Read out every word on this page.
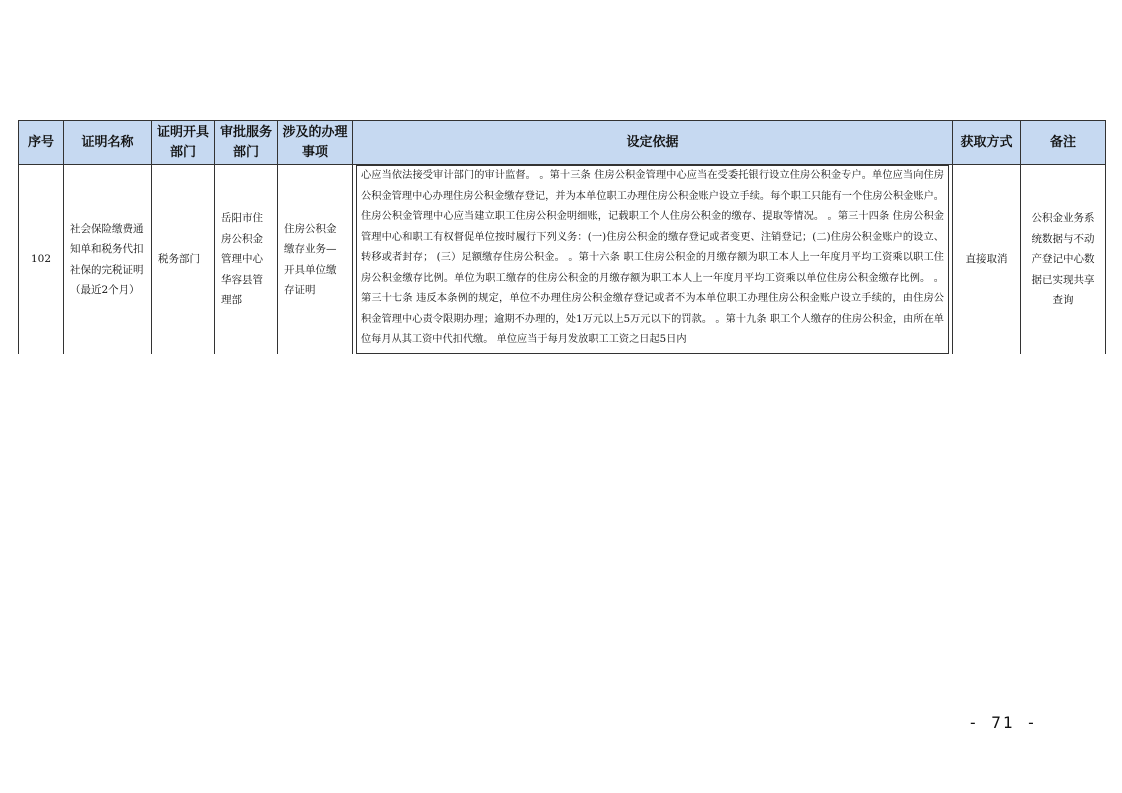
序号	证明名称	证明开具部门	审批服务部门	涉及的办理事项	设定依据	获取方式	备注
102	社会保险缴费通知单和税务代扣社保的完税证明（最近2个月）	税务部门	岳阳市住房公积金管理中心华容县管理部	住房公积金缴存业务—开具单位缴存证明	心应当依法接受审计部门的审计监督。 。第十三条 住房公积金管理中心应当在受委托银行设立住房公积金专户。单位应当向住房公积金管理中心办理住房公积金缴存登记，并为本单位职工办理住房公积金账户设立手续。每个职工只能有一个住房公积金账户。住房公积金管理中心应当建立职工住房公积金明细账，记载职工个人住房公积金的缴存、提取等情况。 。第三十四条 住房公积金管理中心和职工有权督促单位按时履行下列义务：(一)住房公积金的缴存登记或者变更、注销登记；(二)住房公积金账户的设立、转移或者封存； (三）足额缴存住房公积金。 。第十六条 职工住房公积金的月缴存额为职工本人上一年度月平均工资乘以职工住房公积金缴存比例。单位为职工缴存的住房公积金的月缴存额为职工本人上一年度月平均工资乘以单位住房公积金缴存比例。 。第三十七条 违反本条例的规定，单位不办理住房公积金缴存登记或者不为本单位职工办理住房公积金账户设立手续的，由住房公积金管理中心责令限期办理；逾期不办理的，处1万元以上5万元以下的罚款。 。第十九条 职工个人缴存的住房公积金，由所在单位每月从其工资中代扣代缴。 单位应当于每月发放职工工资之日起5日内	直接取消	公积金业务系统数据与不动产登记中心数据已实现共享查询
- 71 -
